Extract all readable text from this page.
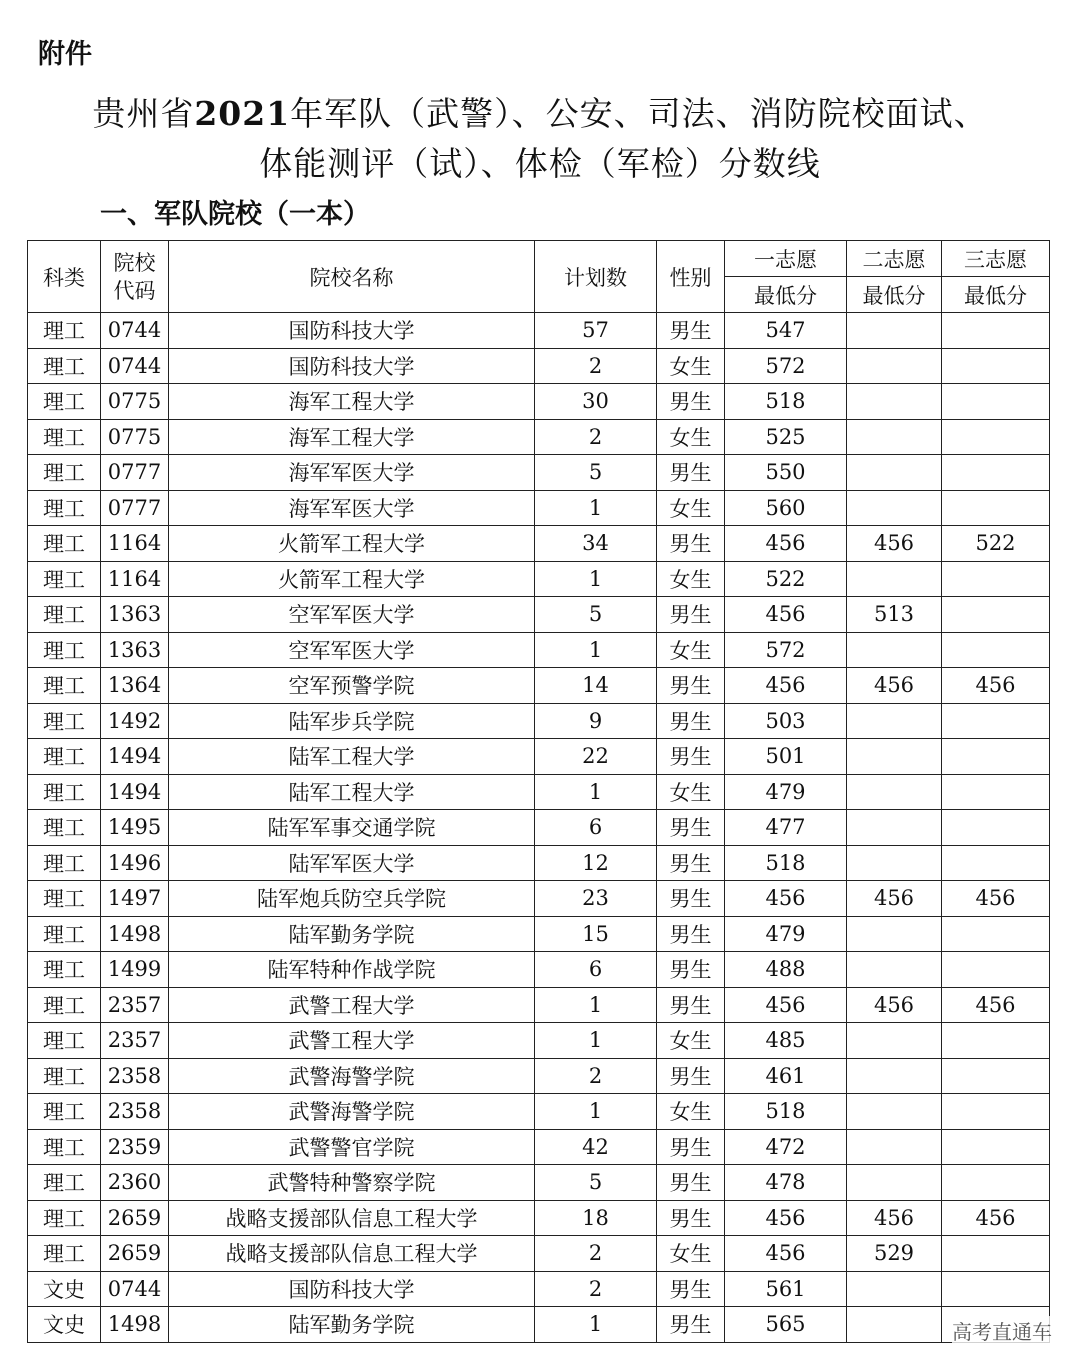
附件
贵州省2021年军队（武警）、公安、司法、消防院校面试、
体能测评（试）、体检（军检）分数线
一、军队院校（一本）
科类	院校代码	院校名称	计划数	性别	一志愿	二志愿	三志愿
					最低分	最低分	最低分
理工	0744	国防科技大学	57	男生	547		
理工	0744	国防科技大学	2	女生	572		
理工	0775	海军工程大学	30	男生	518		
理工	0775	海军工程大学	2	女生	525		
理工	0777	海军军医大学	5	男生	550		
理工	0777	海军军医大学	1	女生	560		
理工	1164	火箭军工程大学	34	男生	456	456	522
理工	1164	火箭军工程大学	1	女生	522		
理工	1363	空军军医大学	5	男生	456	513	
理工	1363	空军军医大学	1	女生	572		
理工	1364	空军预警学院	14	男生	456	456	456
理工	1492	陆军步兵学院	9	男生	503		
理工	1494	陆军工程大学	22	男生	501		
理工	1494	陆军工程大学	1	女生	479		
理工	1495	陆军军事交通学院	6	男生	477		
理工	1496	陆军军医大学	12	男生	518		
理工	1497	陆军炮兵防空兵学院	23	男生	456	456	456
理工	1498	陆军勤务学院	15	男生	479		
理工	1499	陆军特种作战学院	6	男生	488		
理工	2357	武警工程大学	1	男生	456	456	456
理工	2357	武警工程大学	1	女生	485		
理工	2358	武警海警学院	2	男生	461		
理工	2358	武警海警学院	1	女生	518		
理工	2359	武警警官学院	42	男生	472		
理工	2360	武警特种警察学院	5	男生	478		
理工	2659	战略支援部队信息工程大学	18	男生	456	456	456
理工	2659	战略支援部队信息工程大学	2	女生	456	529	
文史	0744	国防科技大学	2	男生	561		
文史	1498	陆军勤务学院	1	男生	565			高考直通车
